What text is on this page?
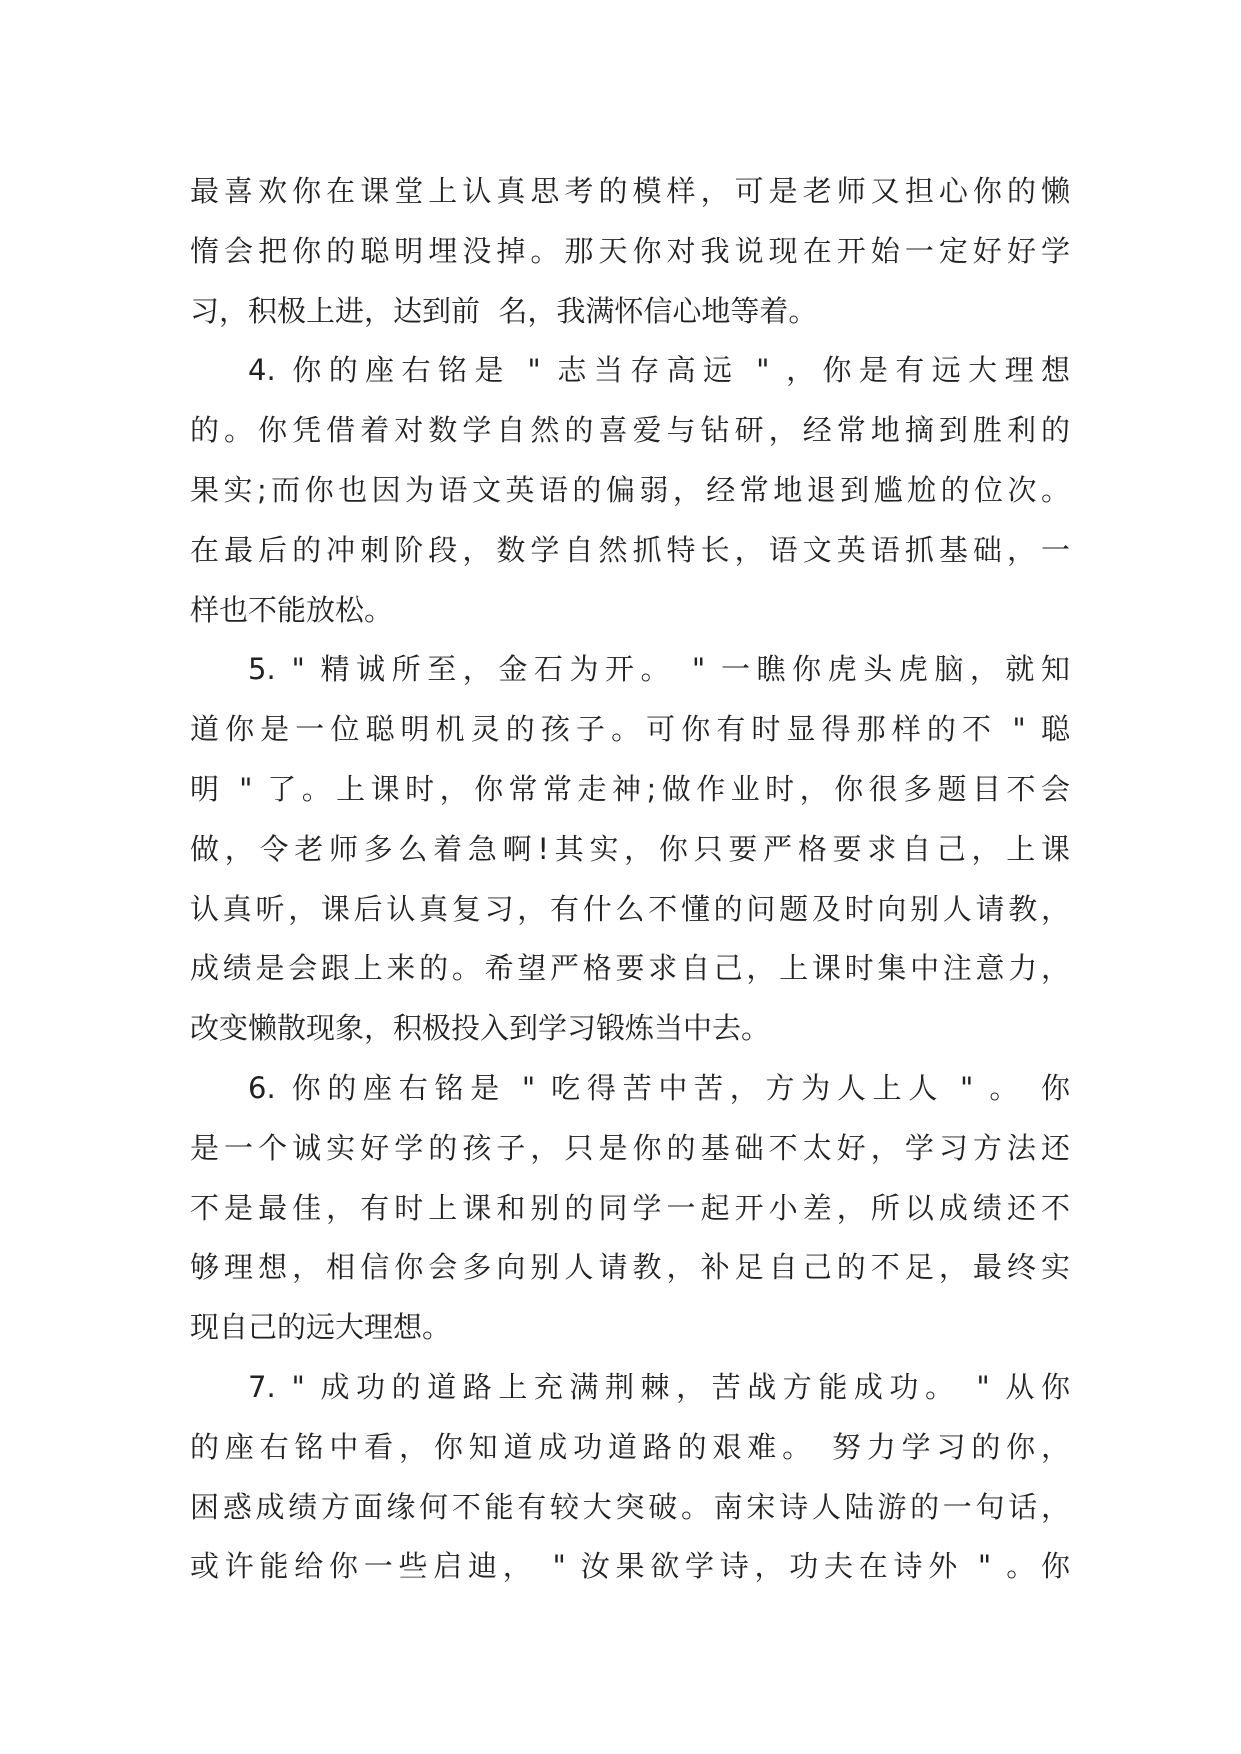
最喜欢你在课堂上认真思考的模样，可是老师又担心你的懒
惰会把你的聪明埋没掉。那天你对我说现在开始一定好好学
习，积极上进，达到前  名，我满怀信心地等着。
4. 你的座右铭是 " 志当存高远 " ，你是有远大理想
的。你凭借着对数学自然的喜爱与钻研，经常地摘到胜利的
果实;而你也因为语文英语的偏弱，经常地退到尴尬的位次。
在最后的冲刺阶段，数学自然抓特长，语文英语抓基础，一
样也不能放松。
5. " 精诚所至，金石为开。 " 一瞧你虎头虎脑，就知
道你是一位聪明机灵的孩子。可你有时显得那样的不 " 聪
明 " 了。上课时，你常常走神;做作业时，你很多题目不会
做，令老师多么着急啊!其实，你只要严格要求自己，上课
认真听，课后认真复习，有什么不懂的问题及时向别人请教，
成绩是会跟上来的。希望严格要求自己，上课时集中注意力，
改变懒散现象，积极投入到学习锻炼当中去。
6. 你的座右铭是 " 吃得苦中苦，方为人上人 " 。 你
是一个诚实好学的孩子，只是你的基础不太好，学习方法还
不是最佳，有时上课和别的同学一起开小差，所以成绩还不
够理想，相信你会多向别人请教，补足自己的不足，最终实
现自己的远大理想。
7. " 成功的道路上充满荆棘，苦战方能成功。 " 从你
的座右铭中看，你知道成功道路的艰难。 努力学习的你，
困惑成绩方面缘何不能有较大突破。南宋诗人陆游的一句话，
或许能给你一些启迪， " 汝果欲学诗，功夫在诗外 " 。你
